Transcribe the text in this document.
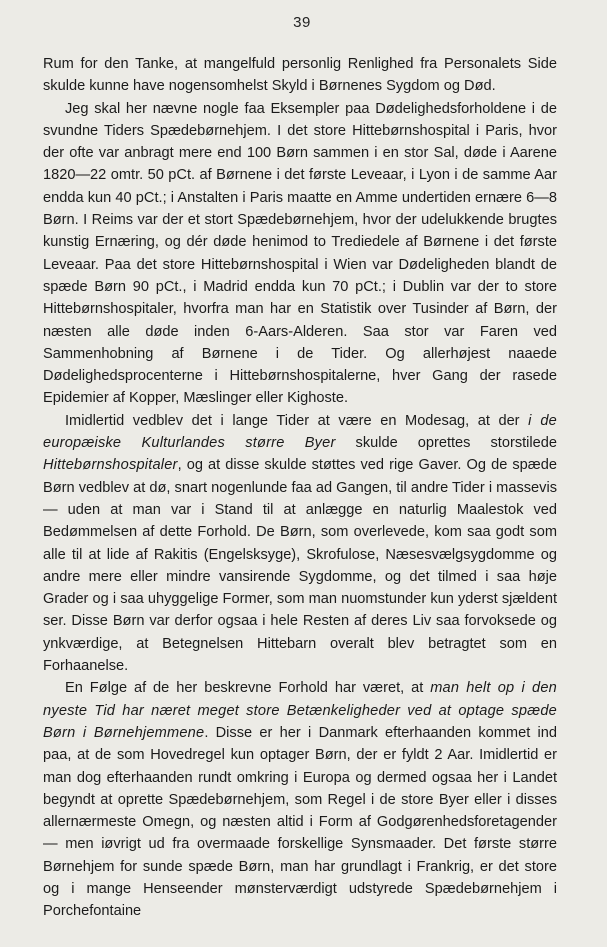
39

Rum for den Tanke, at mangelfuld personlig Renlighed fra Personalets Side skulde kunne have nogensomhelst Skyld i Børnenes Sygdom og Død.

Jeg skal her nævne nogle faa Eksempler paa Dødelighedsforholdene i de svundne Tiders Spædebørnehjem. I det store Hittebørnshospital i Paris, hvor der ofte var anbragt mere end 100 Børn sammen i en stor Sal, døde i Aarene 1820—22 omtr. 50 pCt. af Børnene i det første Leveaar, i Lyon i de samme Aar endda kun 40 pCt.; i Anstalten i Paris maatte en Amme undertiden ernære 6—8 Børn. I Reims var der et stort Spædebørnehjem, hvor der udelukkende brugtes kunstig Ernæring, og dér døde henimod to Trediedele af Børnene i det første Leveaar. Paa det store Hittebørnshospital i Wien var Dødeligheden blandt de spæde Børn 90 pCt., i Madrid endda kun 70 pCt.; i Dublin var der to store Hittebørnshospitaler, hvorfra man har en Statistik over Tusinder af Børn, der næsten alle døde inden 6-Aars-Alderen. Saa stor var Faren ved Sammenhobning af Børnene i de Tider. Og allerhøjest naaede Dødelighedsprocenterne i Hittebørnshospitalerne, hver Gang der rasede Epidemier af Kopper, Mæslinger eller Kighoste.

Imidlertid vedblev det i lange Tider at være en Modesag, at der i de europæiske Kulturlandes større Byer skulde oprettes storstilede Hittebørnshospitaler, og at disse skulde støttes ved rige Gaver. Og de spæde Børn vedblev at dø, snart nogenlunde faa ad Gangen, til andre Tider i massevis — uden at man var i Stand til at anlægge en naturlig Maalestok ved Bedømmelsen af dette Forhold. De Børn, som overlevede, kom saa godt som alle til at lide af Rakitis (Engelsksyge), Skrofulose, Næsesvælgsygdomme og andre mere eller mindre vansirende Sygdomme, og det tilmed i saa høje Grader og i saa uhyggelige Former, som man nuomstunder kun yderst sjældent ser. Disse Børn var derfor ogsaa i hele Resten af deres Liv saa forvoksede og ynkværdige, at Betegnelsen Hittebarn overalt blev betragtet som en Forhaanelse.

En Følge af de her beskrevne Forhold har været, at man helt op i den nyeste Tid har næret meget store Betænkeligheder ved at optage spæde Børn i Børnehjemmene. Disse er her i Danmark efterhaanden kommet ind paa, at de som Hovedregel kun optager Børn, der er fyldt 2 Aar. Imidlertid er man dog efterhaanden rundt omkring i Europa og dermed ogsaa her i Landet begyndt at oprette Spædebørnehjem, som Regel i de store Byer eller i disses allernærmeste Omegn, og næsten altid i Form af Godgørenhedsforetagender — men iøvrigt ud fra overmaade forskellige Synsmaader. Det første større Børnehjem for sunde spæde Børn, man har grundlagt i Frankrig, er det store og i mange Henseender mønsterværdigt udstyrede Spædebørnehjem i Porchefontaine
